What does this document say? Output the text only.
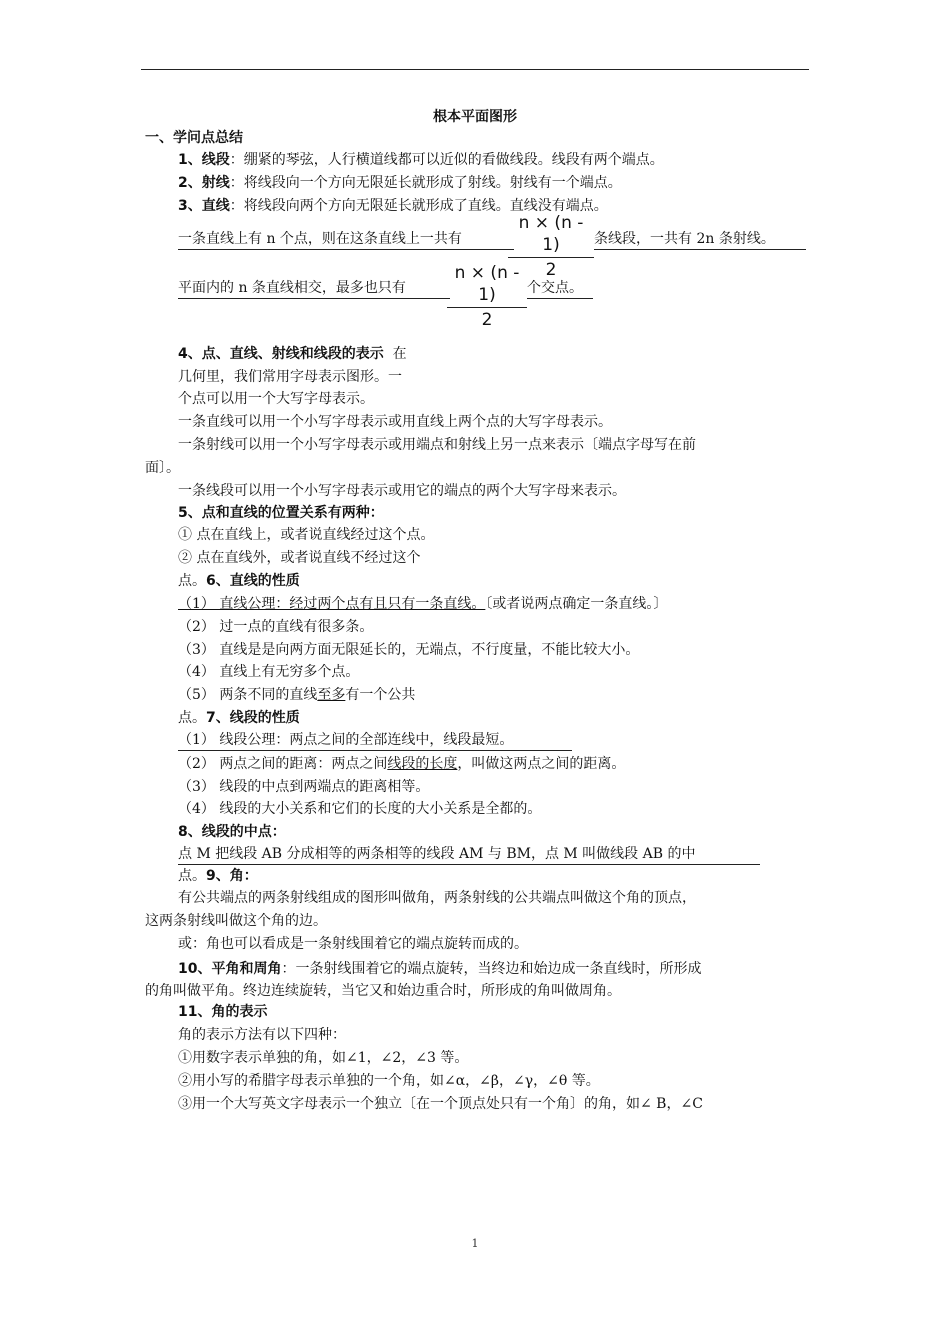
根本平面图形
一、学问点总结
1、线段：绷紧的琴弦，人行横道线都可以近似的看做线段。线段有两个端点。
2、射线：将线段向一个方向无限延长就形成了射线。射线有一个端点。
3、直线：将线段向两个方向无限延长就形成了直线。直线没有端点。
一条直线上有 n 个点，则在这条直线上一共有
n × (n - 1)
2
条线段，一共有 2n 条射线。
平面内的 n 条直线相交，最多也只有
n × (n - 1)
2
个交点。
4、点、直线、射线和线段的表示 在
几何里，我们常用字母表示图形。一
个点可以用一个大写字母表示。
一条直线可以用一个小写字母表示或用直线上两个点的大写字母表示。
一条射线可以用一个小写字母表示或用端点和射线上另一点来表示〔端点字母写在前
面〕。
一条线段可以用一个小写字母表示或用它的端点的两个大写字母来表示。
5、点和直线的位置关系有两种：
① 点在直线上，或者说直线经过这个点。
② 点在直线外，或者说直线不经过这个
点。6、直线的性质
（1） 直线公理：经过两个点有且只有一条直线。〔或者说两点确定一条直线。〕
（2） 过一点的直线有很多条。
（3） 直线是是向两方面无限延长的，无端点，不行度量，不能比较大小。
（4） 直线上有无穷多个点。
（5） 两条不同的直线至多有一个公共
点。7、线段的性质
（1） 线段公理：两点之间的全部连线中，线段最短。
（2） 两点之间的距离：两点之间线段的长度，叫做这两点之间的距离。
（3） 线段的中点到两端点的距离相等。
（4） 线段的大小关系和它们的长度的大小关系是全都的。
8、线段的中点：
点 M 把线段 AB 分成相等的两条相等的线段 AM 与 BM，点 M 叫做线段 AB 的中
点。9、角：
有公共端点的两条射线组成的图形叫做角，两条射线的公共端点叫做这个角的顶点，
这两条射线叫做这个角的边。
或：角也可以看成是一条射线围着它的端点旋转而成的。
10、平角和周角：一条射线围着它的端点旋转，当终边和始边成一条直线时，所形成
的角叫做平角。终边连续旋转，当它又和始边重合时，所形成的角叫做周角。
11、角的表示
角的表示方法有以下四种：
①用数字表示单独的角，如∠1，∠2，∠3 等。
②用小写的希腊字母表示单独的一个角，如∠α，∠β，∠γ，∠θ 等。
③用一个大写英文字母表示一个独立〔在一个顶点处只有一个角〕的角，如∠ B，∠C
1
